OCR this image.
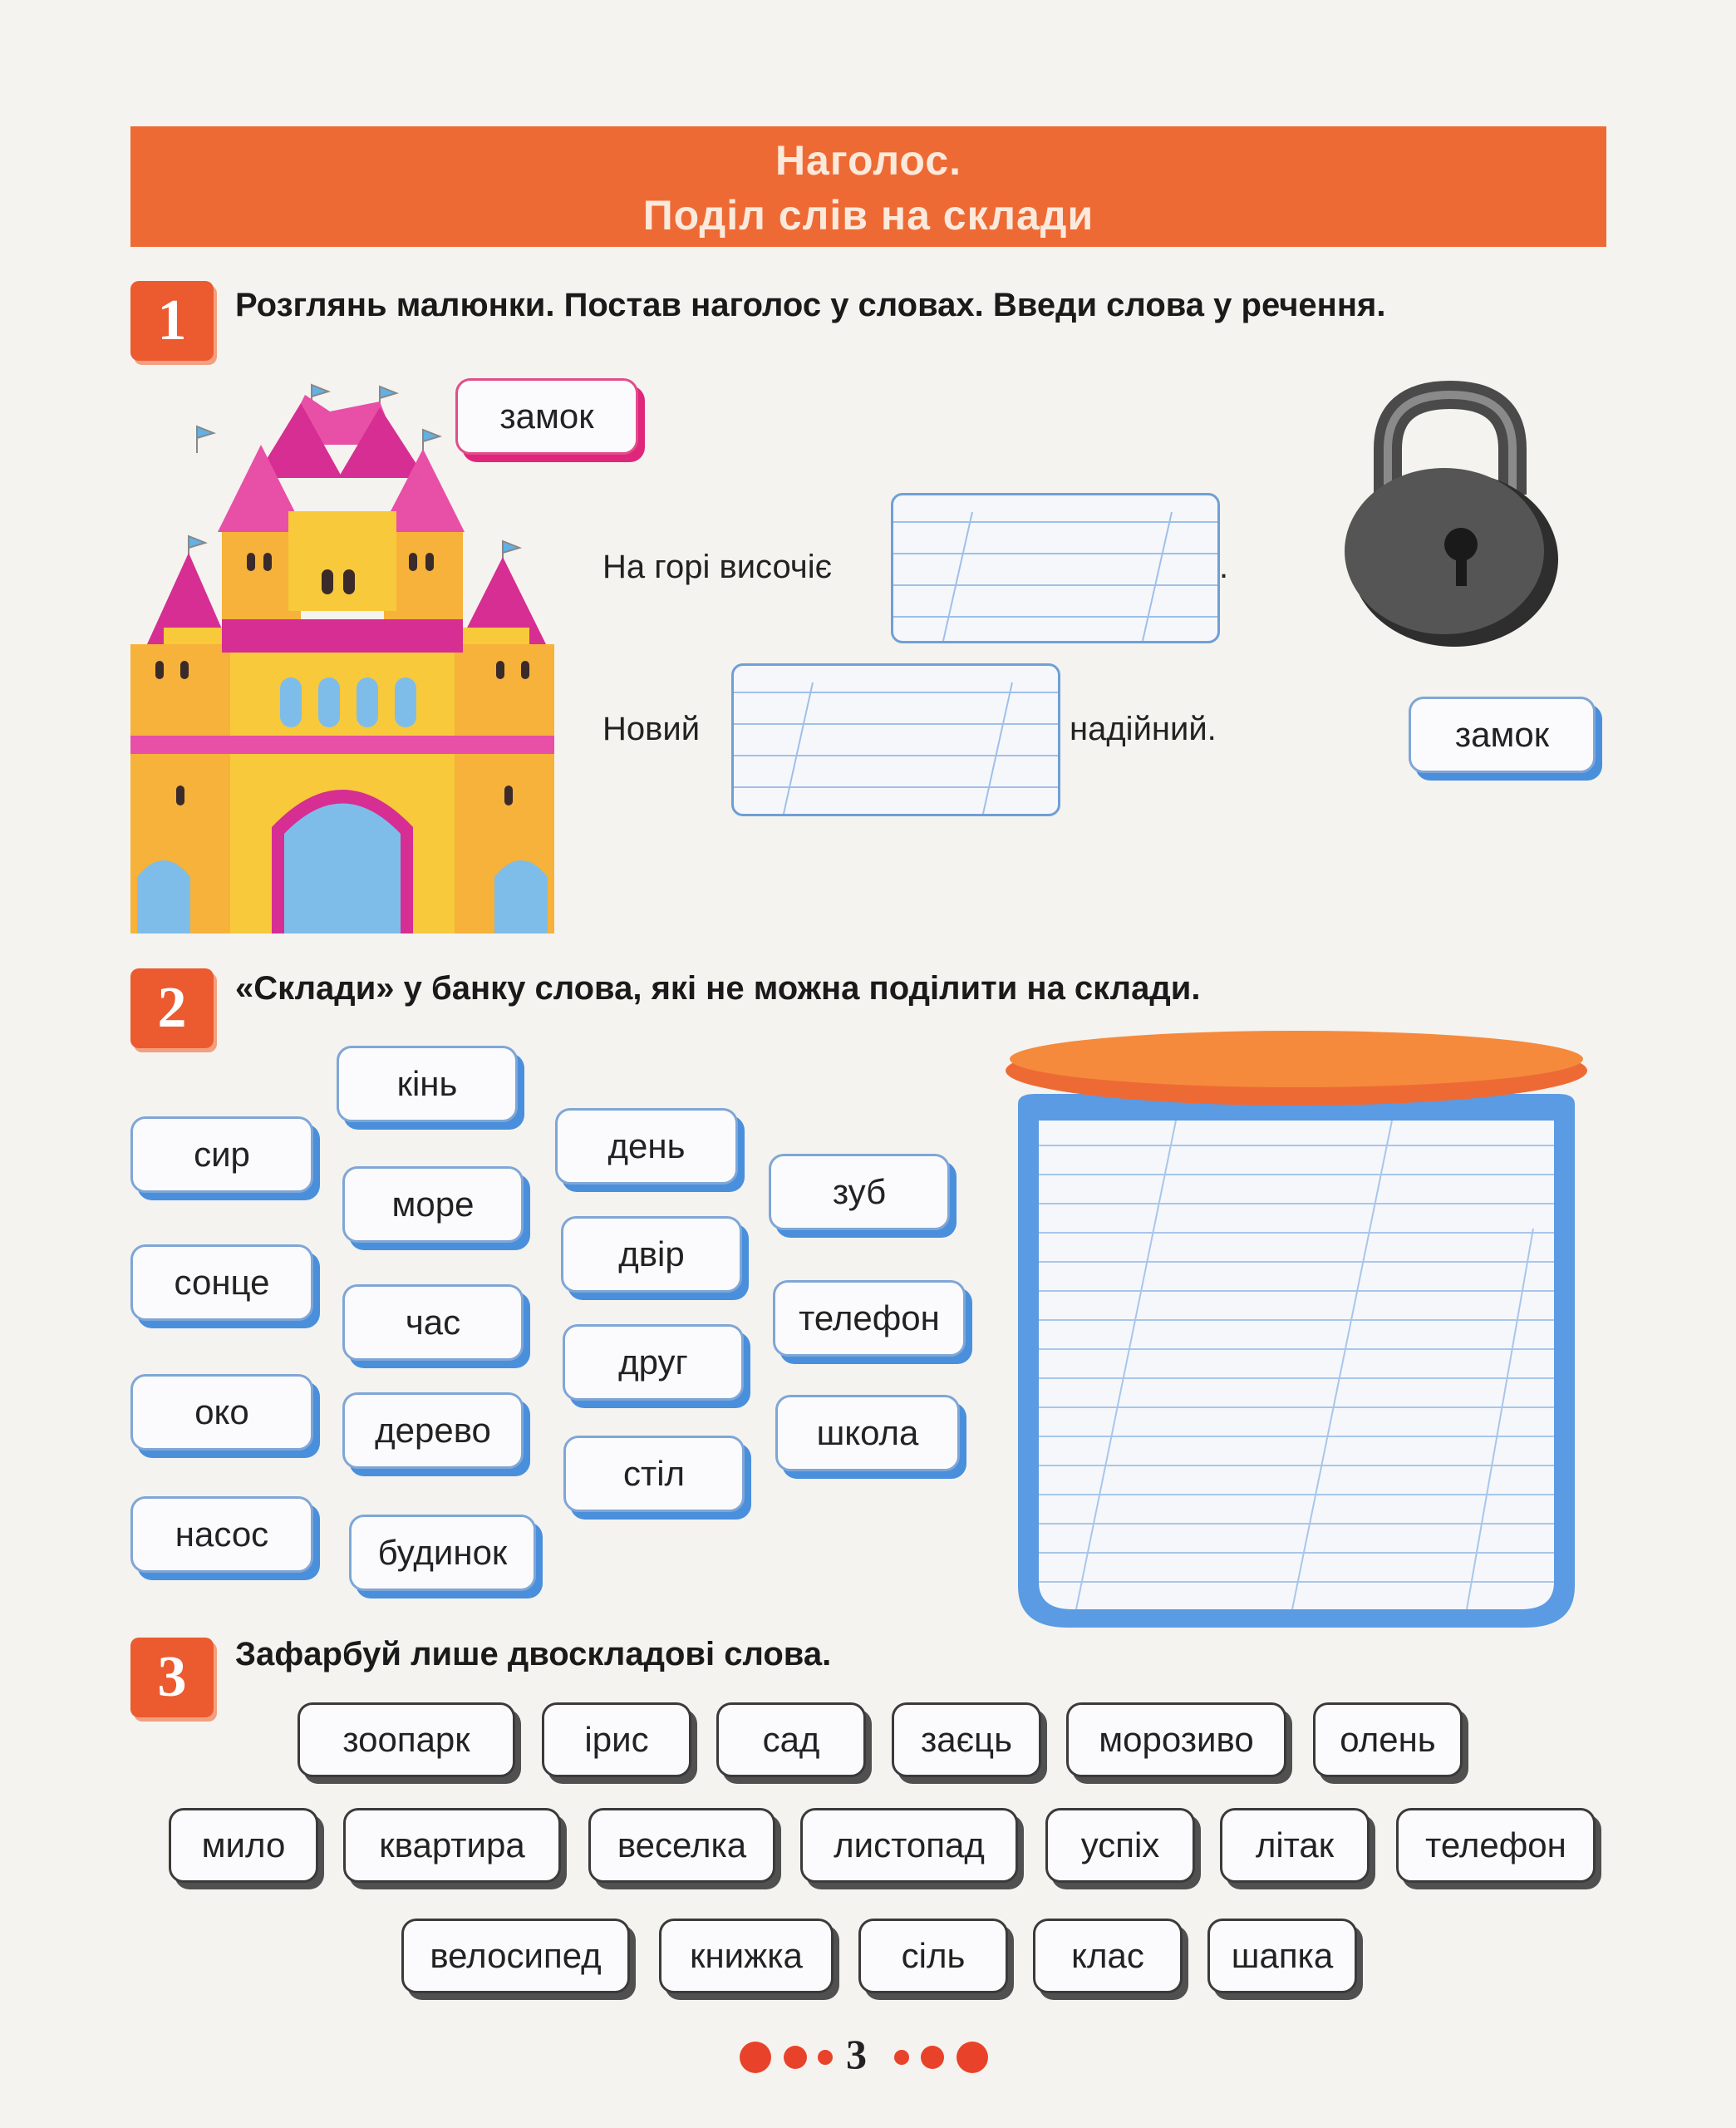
Наголос.
Поділ слів на склади
1	Розглянь малюнки. Постав наголос у словах. Введи слова у речення.
замок
На горі височіє	.
Новий	надійний.	замок
2	«Склади» у банку слова, які не можна поділити на склади.
кінь
сир
море
день
зуб
сонце
двір
час	телефон
друг
око	дерево	школа
стіл
насос	будинок
3	Зафарбуй лише двоскладові слова.
зоопарк	ірис	сад	заєць	морозиво	олень
мило	квартира	веселка	листопад	успіх	літак	телефон
велосипед	книжка	сіль	клас	шапка
3
